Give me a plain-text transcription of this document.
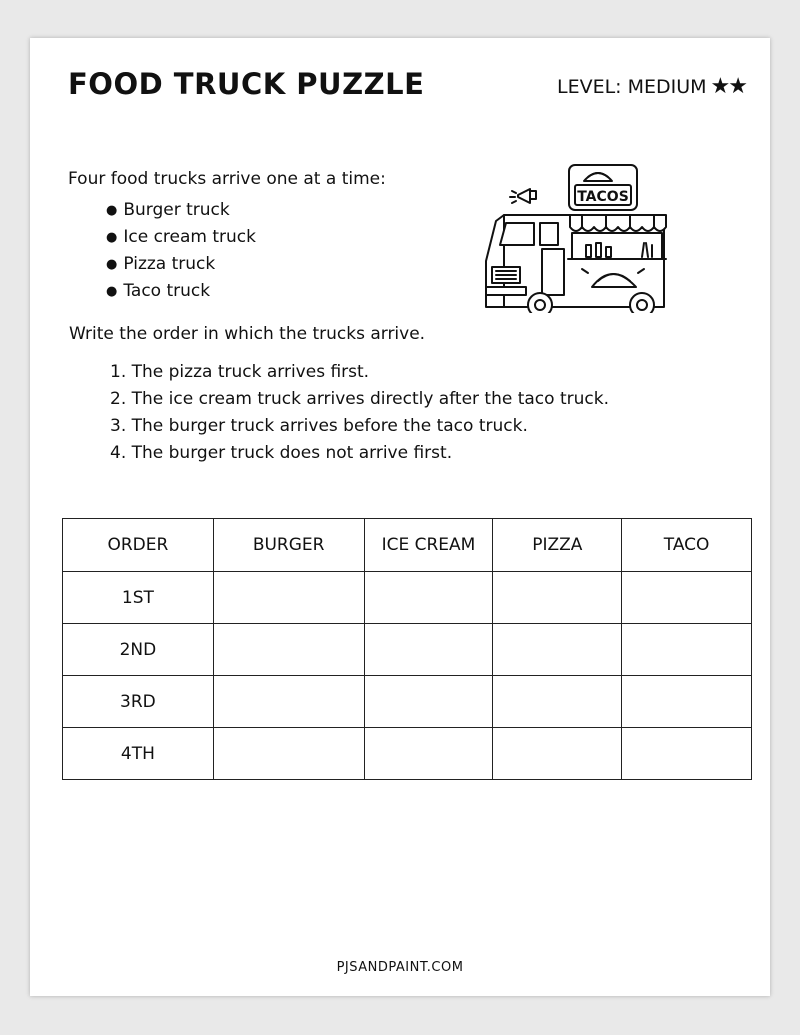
FOOD TRUCK PUZZLE	LEVEL: MEDIUM ★★
Four food trucks arrive one at a time:
● Burger truck
● Ice cream truck
● Pizza truck
● Taco truck
TACOS
Write the order in which the trucks arrive.
1. The pizza truck arrives first.
2. The ice cream truck arrives directly after the taco truck.
3. The burger truck arrives before the taco truck.
4. The burger truck does not arrive first.
ORDER	BURGER	ICE CREAM	PIZZA	TACO
1ST				
2ND				
3RD				
4TH				
PJSANDPAINT.COM
